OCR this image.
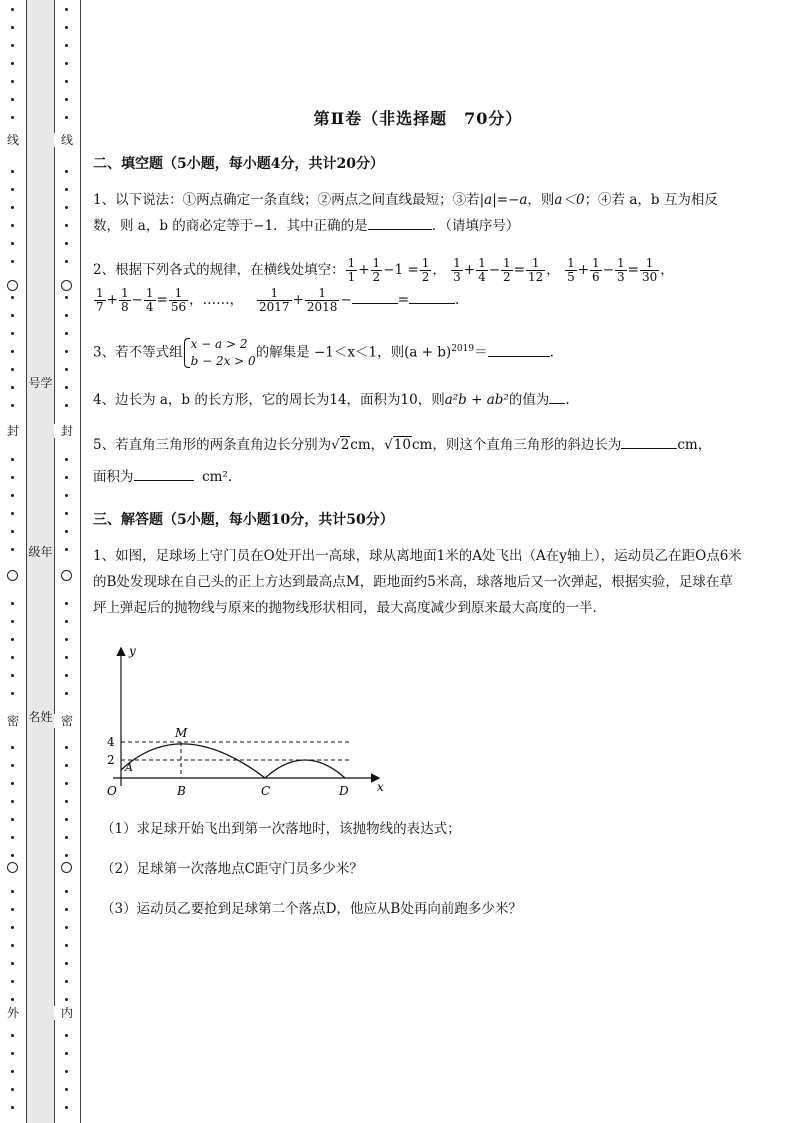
线
封
密
外
号学
级年
名姓
线
封
密
内
第Ⅱ卷（非选择题　70分）
二、填空题（5小题，每小题4分，共计20分）
1、以下说法：①两点确定一条直线；②两点之间直线最短；③若|a|=−a，则a＜0；④若 a，b 互为相反数，则 a，b 的商必定等于−1．其中正确的是	．（请填序号）
2、根据下列各式的规律，在横线处填空： $\frac{1}{1} + \frac{1}{2} -1 = \frac{1}{2}$ ， $\frac{1}{3} + \frac{1}{4} - \frac{1}{2} = \frac{1}{12}$ ， $\frac{1}{5} + \frac{1}{6} - \frac{1}{3} = \frac{1}{30}$ ，

$\frac{1}{7} + \frac{1}{8} - \frac{1}{4} = \frac{1}{56}$ ，……， $\frac{1}{2017} + \frac{1}{2018}$ −	=	.
3、若不等式组
x − a > 2
b − 2x > 0
的解集是 −1＜x＜1，则$(a + b)^{2019}=$	.
4、边长为 a，b 的长方形，它的周长为14，面积为10，则a²b + ab²的值为 .
5、若直角三角形的两条直角边长分别为√2cm，√10cm，则这个直角三角形的斜边长为	cm，
面积为	cm²．
三、解答题（5小题，每小题10分，共计50分）
1、如图，足球场上守门员在O处开出一高球，球从离地面1米的A处飞出（A在y轴上），运动员乙在距O点6米的B处发现球在自己头的正上方达到最高点M，距地面约5米高，球落地后又一次弹起，根据实验，足球在草坪上弹起后的抛物线与原来的抛物线形状相同，最大高度减少到原来最大高度的一半．
y
x
M
A
O	B	C	D
4
2
（1）求足球开始飞出到第一次落地时，该抛物线的表达式；
（2）足球第一次落地点C距守门员多少米？
（3）运动员乙要抢到足球第二个落点D，他应从B处再向前跑多少米？
